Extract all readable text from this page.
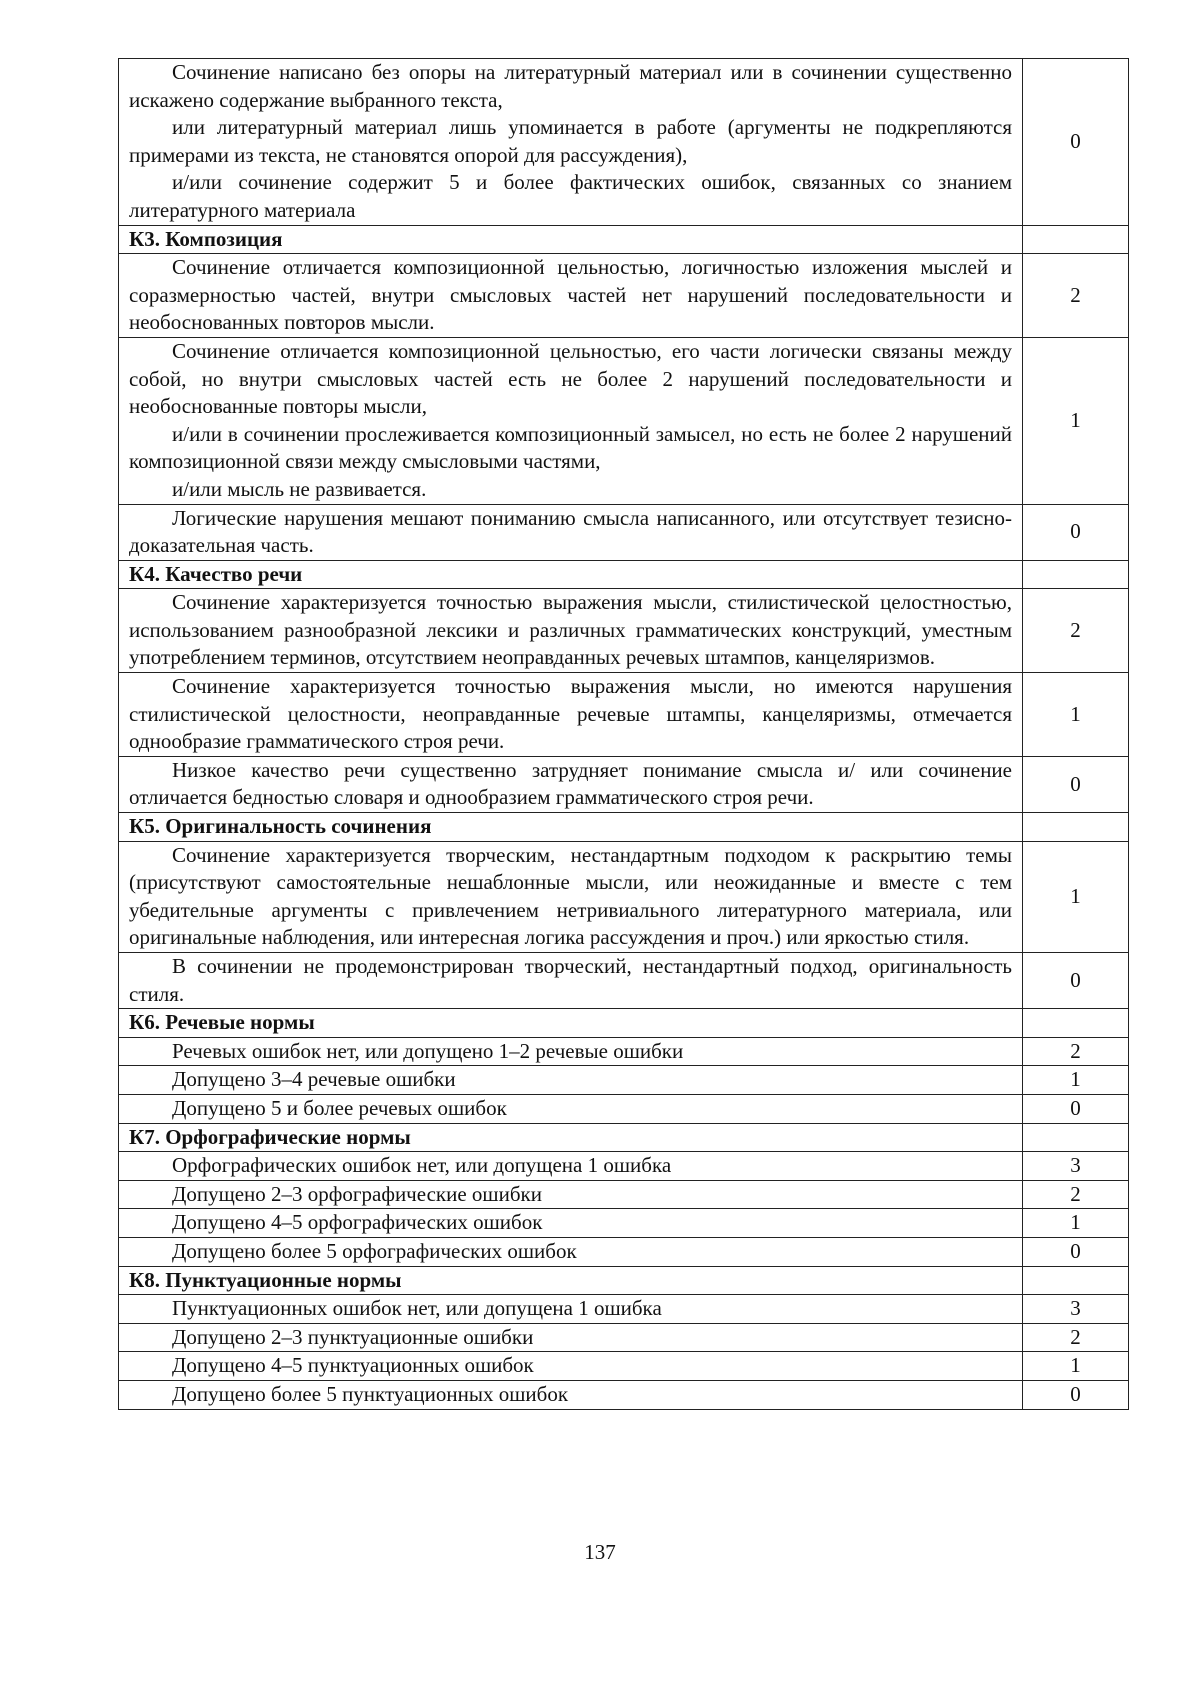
Сочинение написано без опоры на литературный материал или в сочинении существенно искажено содержание выбранного текста,

или литературный материал лишь упоминается в работе (аргументы не подкрепляются примерами из текста, не становятся опорой для рассуждения),

и/или сочинение содержит 5 и более фактических ошибок, связанных со знанием литературного материала	0
К3. Композиция	

Сочинение отличается композиционной цельностью, логичностью изложения мыслей и соразмерностью частей, внутри смысловых частей нет нарушений последовательности и необоснованных повторов мысли.	2

Сочинение отличается композиционной цельностью, его части логически связаны между собой, но внутри смысловых частей есть не более 2 нарушений последовательности и необоснованные повторы мысли,

и/или в сочинении прослеживается композиционный замысел, но есть не более 2 нарушений композиционной связи между смысловыми частями,

и/или мысль не развивается.	1

Логические нарушения мешают пониманию смысла написанного, или отсутствует тезисно-доказательная часть.	0
К4. Качество речи	

Сочинение характеризуется точностью выражения мысли, стилистической целостностью, использованием разнообразной лексики и различных грамматических конструкций, уместным употреблением терминов, отсутствием неоправданных речевых штампов, канцеляризмов.	2

Сочинение характеризуется точностью выражения мысли, но имеются нарушения стилистической целостности, неоправданные речевые штампы, канцеляризмы, отмечается однообразие грамматического строя речи.	1

Низкое качество речи существенно затрудняет понимание смысла и/ или сочинение отличается бедностью словаря и однообразием грамматического строя речи.	0
К5. Оригинальность сочинения	

Сочинение характеризуется творческим, нестандартным подходом к раскрытию темы (присутствуют самостоятельные нешаблонные мысли, или неожиданные и вместе с тем убедительные аргументы с привлечением нетривиального литературного материала, или оригинальные наблюдения, или интересная логика рассуждения и проч.) или яркостью стиля.	1

В сочинении не продемонстрирован творческий, нестандартный подход, оригинальность стиля.	0
К6. Речевые нормы	

Речевых ошибок нет, или допущено 1–2 речевые ошибки	2

Допущено 3–4 речевые ошибки	1

Допущено 5 и более речевых ошибок	0
К7. Орфографические нормы	

Орфографических ошибок нет, или допущена 1 ошибка	3

Допущено 2–3 орфографические ошибки	2

Допущено 4–5 орфографических ошибок	1

Допущено более 5 орфографических ошибок	0
К8. Пунктуационные нормы	

Пунктуационных ошибок нет, или допущена 1 ошибка	3

Допущено 2–3 пунктуационные ошибки	2

Допущено 4–5 пунктуационных ошибок	1

Допущено более 5 пунктуационных ошибок	0
137
